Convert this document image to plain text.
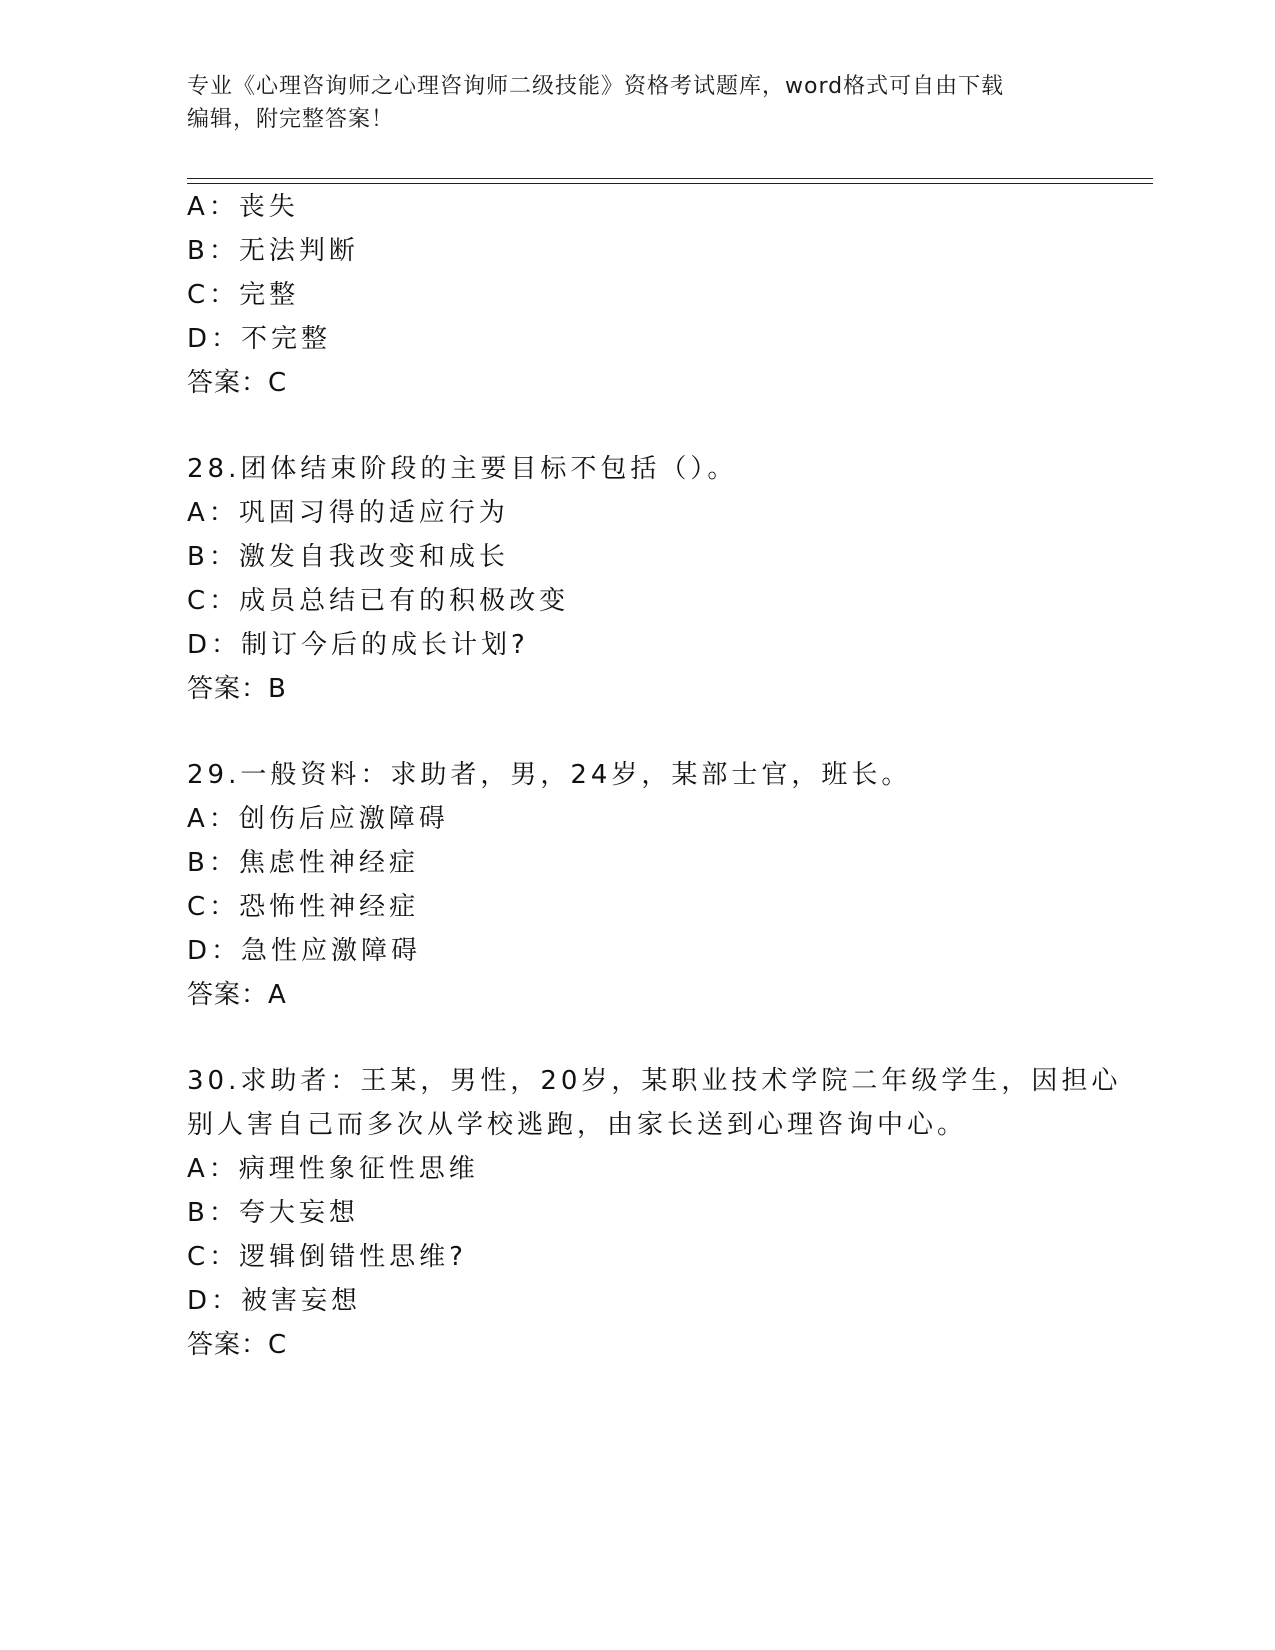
专业《心理咨询师之心理咨询师二级技能》资格考试题库，word格式可自由下载
编辑，附完整答案！
A：丧失
B：无法判断
C：完整
D：不完整
答案：C
28.团体结束阶段的主要目标不包括（）。
A：巩固习得的适应行为
B：激发自我改变和成长
C：成员总结已有的积极改变
D：制订今后的成长计划?
答案：B
29.一般资料：求助者，男，24岁，某部士官，班长。
A：创伤后应激障碍
B：焦虑性神经症
C：恐怖性神经症
D：急性应激障碍
答案：A
30.求助者：王某，男性，20岁，某职业技术学院二年级学生，因担心
别人害自己而多次从学校逃跑，由家长送到心理咨询中心。
A：病理性象征性思维
B：夸大妄想
C：逻辑倒错性思维?
D：被害妄想
答案：C
